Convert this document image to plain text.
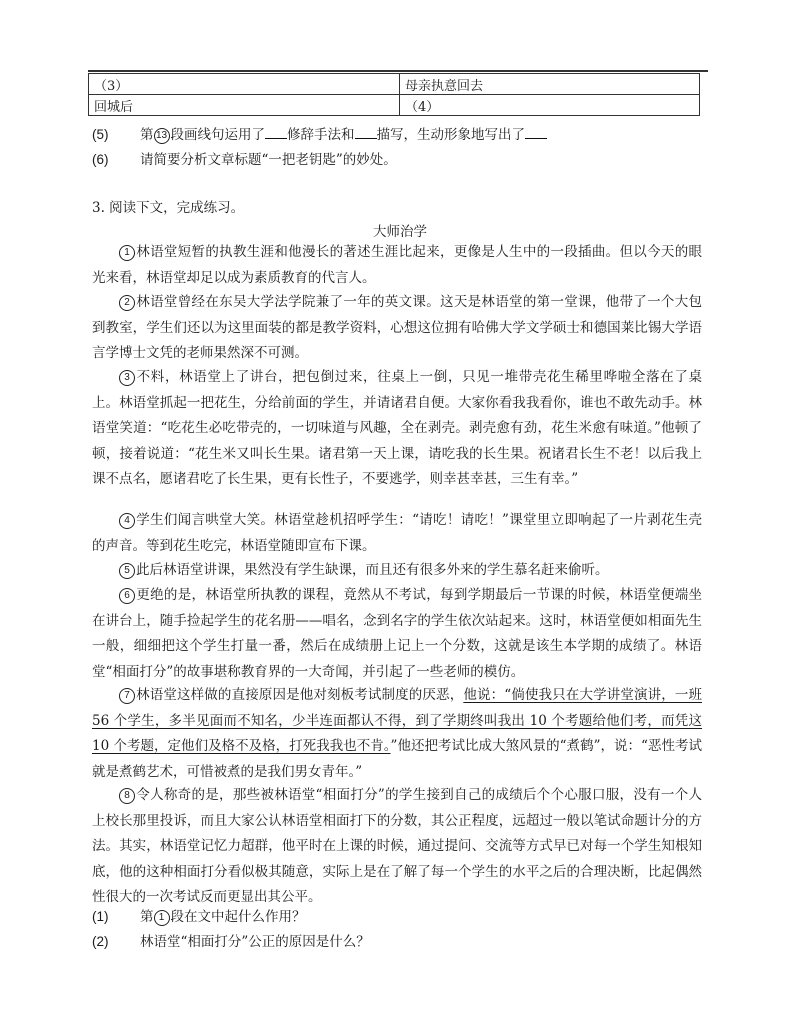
（3）	母亲执意回去
回城后	（4）
(5) 第 13 段画线句运用了 修辞手法和 描写，生动形象地写出了
(6) 请简要分析文章标题“一把老钥匙”的妙处。
3. 阅读下文，完成练习。
大师治学

1 林语堂短暂的执教生涯和他漫长的著述生涯比起来，更像是人生中的一段插曲。但以今天的眼光来看，林语堂却足以成为素质教育的代言人。

2 林语堂曾经在东吴大学法学院兼了一年的英文课。这天是林语堂的第一堂课，他带了一个大包到教室，学生们还以为这里面装的都是教学资料，心想这位拥有哈佛大学文学硕士和德国莱比锡大学语言学博士文凭的老师果然深不可测。

3 不料，林语堂上了讲台，把包倒过来，往桌上一倒，只见一堆带壳花生稀里哗啦全落在了桌上。林语堂抓起一把花生，分给前面的学生，并请诸君自便。大家你看我我看你，谁也不敢先动手。林语堂笑道：“吃花生必吃带壳的，一切味道与风趣，全在剥壳。剥壳愈有劲，花生米愈有味道。”他顿了顿，接着说道：“花生米又叫长生果。诸君第一天上课，请吃我的长生果。祝诸君长生不老！以后我上课不点名，愿诸君吃了长生果，更有长性子，不要逃学，则幸甚幸甚，三生有幸。”

4 学生们闻言哄堂大笑。林语堂趁机招呼学生：“请吃！请吃！”课堂里立即响起了一片剥花生壳的声音。等到花生吃完，林语堂随即宣布下课。

5 此后林语堂讲课，果然没有学生缺课，而且还有很多外来的学生慕名赶来偷听。

6 更绝的是，林语堂所执教的课程，竟然从不考试，每到学期最后一节课的时候，林语堂便端坐在讲台上，随手捡起学生的花名册——唱名，念到名字的学生依次站起来。这时，林语堂便如相面先生一般，细细把这个学生打量一番，然后在成绩册上记上一个分数，这就是该生本学期的成绩了。林语堂“相面打分”的故事堪称教育界的一大奇闻，并引起了一些老师的模仿。

7 林语堂这样做的直接原因是他对刻板考试制度的厌恶，他说：“倘使我只在大学讲堂演讲，一班 56 个学生，多半见面而不知名，少半连面都认不得，到了学期终叫我出 10 个考题给他们考，而凭这 10 个考题，定他们及格不及格，打死我我也不肯。”他还把考试比成大煞风景的“煮鹤”，说：“恶性考试就是煮鹤艺术，可惜被煮的是我们男女青年。”

8 令人称奇的是，那些被林语堂“相面打分”的学生接到自己的成绩后个个心服口服，没有一个人上校长那里投诉，而且大家公认林语堂相面打下的分数，其公正程度，远超过一般以笔试命题计分的方法。其实，林语堂记忆力超群，他平时在上课的时候，通过提问、交流等方式早已对每一个学生知根知底，他的这种相面打分看似极其随意，实际上是在了解了每一个学生的水平之后的合理决断，比起偶然性很大的一次考试反而更显出其公平。

(1) 第 1 段在文中起什么作用？
(2) 林语堂“相面打分”公正的原因是什么？
